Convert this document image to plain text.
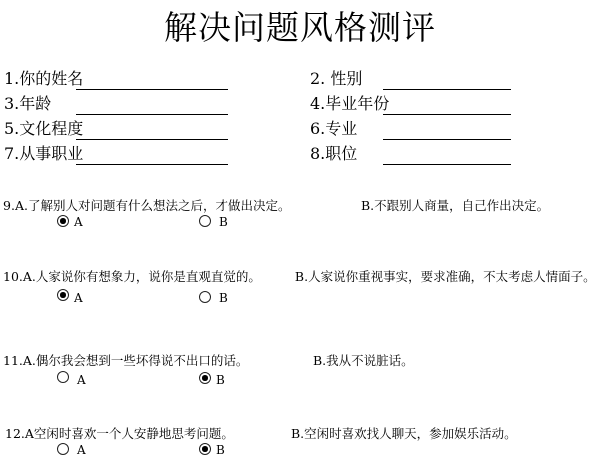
解决问题风格测评
1.你的姓名
3.年龄
5.文化程度
7.从事职业
2. 性别
4.毕业年份
6.专业
8.职位
9.A.了解别人对问题有什么想法之后，才做出决定。	B.不跟别人商量，自己作出决定。
A	B
10.A.人家说你有想象力，说你是直观直觉的。	B.人家说你重视事实，要求准确，不太考虑人情面子。
A	B
11.A.偶尔我会想到一些坏得说不出口的话。	B.我从不说脏话。
A	B
12.A空闲时喜欢一个人安静地思考问题。	B.空闲时喜欢找人聊天，参加娱乐活动。
A	B
